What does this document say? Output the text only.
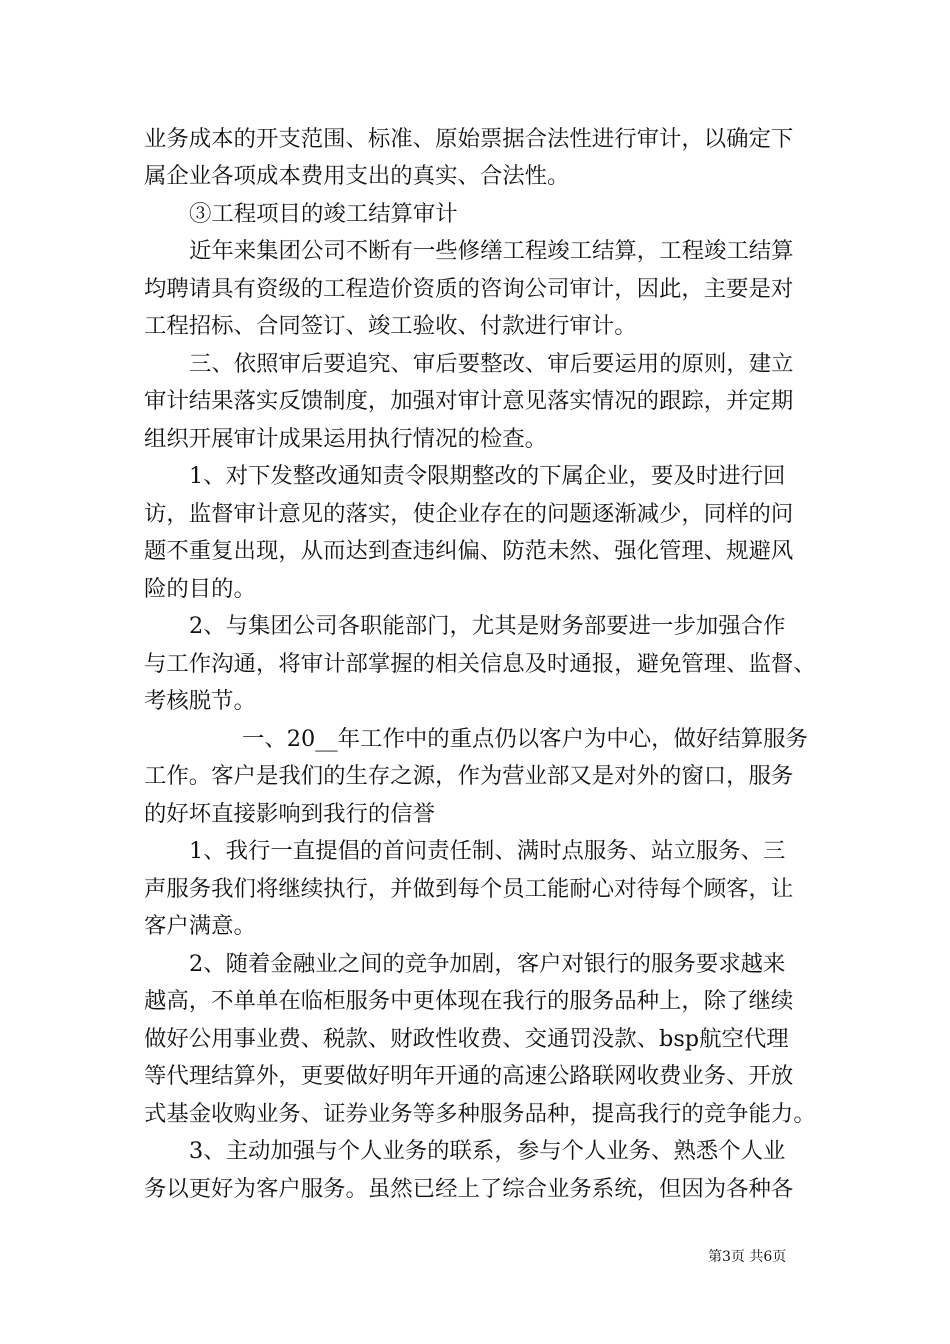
业务成本的开支范围、标准、原始票据合法性进行审计，以确定下
属企业各项成本费用支出的真实、合法性。
③工程项目的竣工结算审计
近年来集团公司不断有一些修缮工程竣工结算，工程竣工结算
均聘请具有资级的工程造价资质的咨询公司审计，因此，主要是对
工程招标、合同签订、竣工验收、付款进行审计。
三、依照审后要追究、审后要整改、审后要运用的原则，建立
审计结果落实反馈制度，加强对审计意见落实情况的跟踪，并定期
组织开展审计成果运用执行情况的检查。
1、对下发整改通知责令限期整改的下属企业，要及时进行回
访，监督审计意见的落实，使企业存在的问题逐渐减少，同样的问
题不重复出现，从而达到查违纠偏、防范未然、强化管理、规避风
险的目的。
2、与集团公司各职能部门，尤其是财务部要进一步加强合作
与工作沟通，将审计部掌握的相关信息及时通报，避免管理、监督、
考核脱节。
一、20__年工作中的重点仍以客户为中心，做好结算服务
工作。客户是我们的生存之源，作为营业部又是对外的窗口，服务
的好坏直接影响到我行的信誉
1、我行一直提倡的首问责任制、满时点服务、站立服务、三
声服务我们将继续执行，并做到每个员工能耐心对待每个顾客，让
客户满意。
2、随着金融业之间的竞争加剧，客户对银行的服务要求越来
越高，不单单在临柜服务中更体现在我行的服务品种上，除了继续
做好公用事业费、税款、财政性收费、交通罚没款、bsp航空代理
等代理结算外，更要做好明年开通的高速公路联网收费业务、开放
式基金收购业务、证券业务等多种服务品种，提高我行的竞争能力。
3、主动加强与个人业务的联系，参与个人业务、熟悉个人业
务以更好为客户服务。虽然已经上了综合业务系统，但因为各种各
第3页 共6页
